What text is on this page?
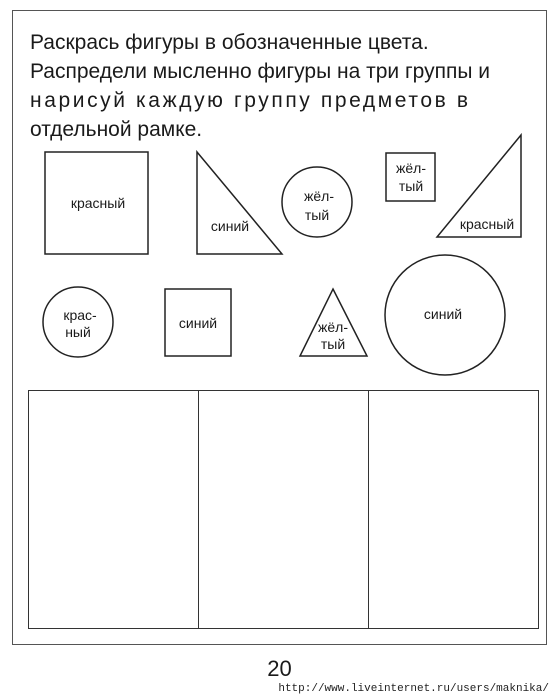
Раскрась фигуры в обозначенные цвета.
Распредели мысленно фигуры на три группы и
нарисуй каждую группу предметов в
отдельной рамке.

красный
синий
жёл-
тый
жёл-
тый
красный
крас-
ный
синий	жёл-
тый
синий
20
http://www.liveinternet.ru/users/maknika/
